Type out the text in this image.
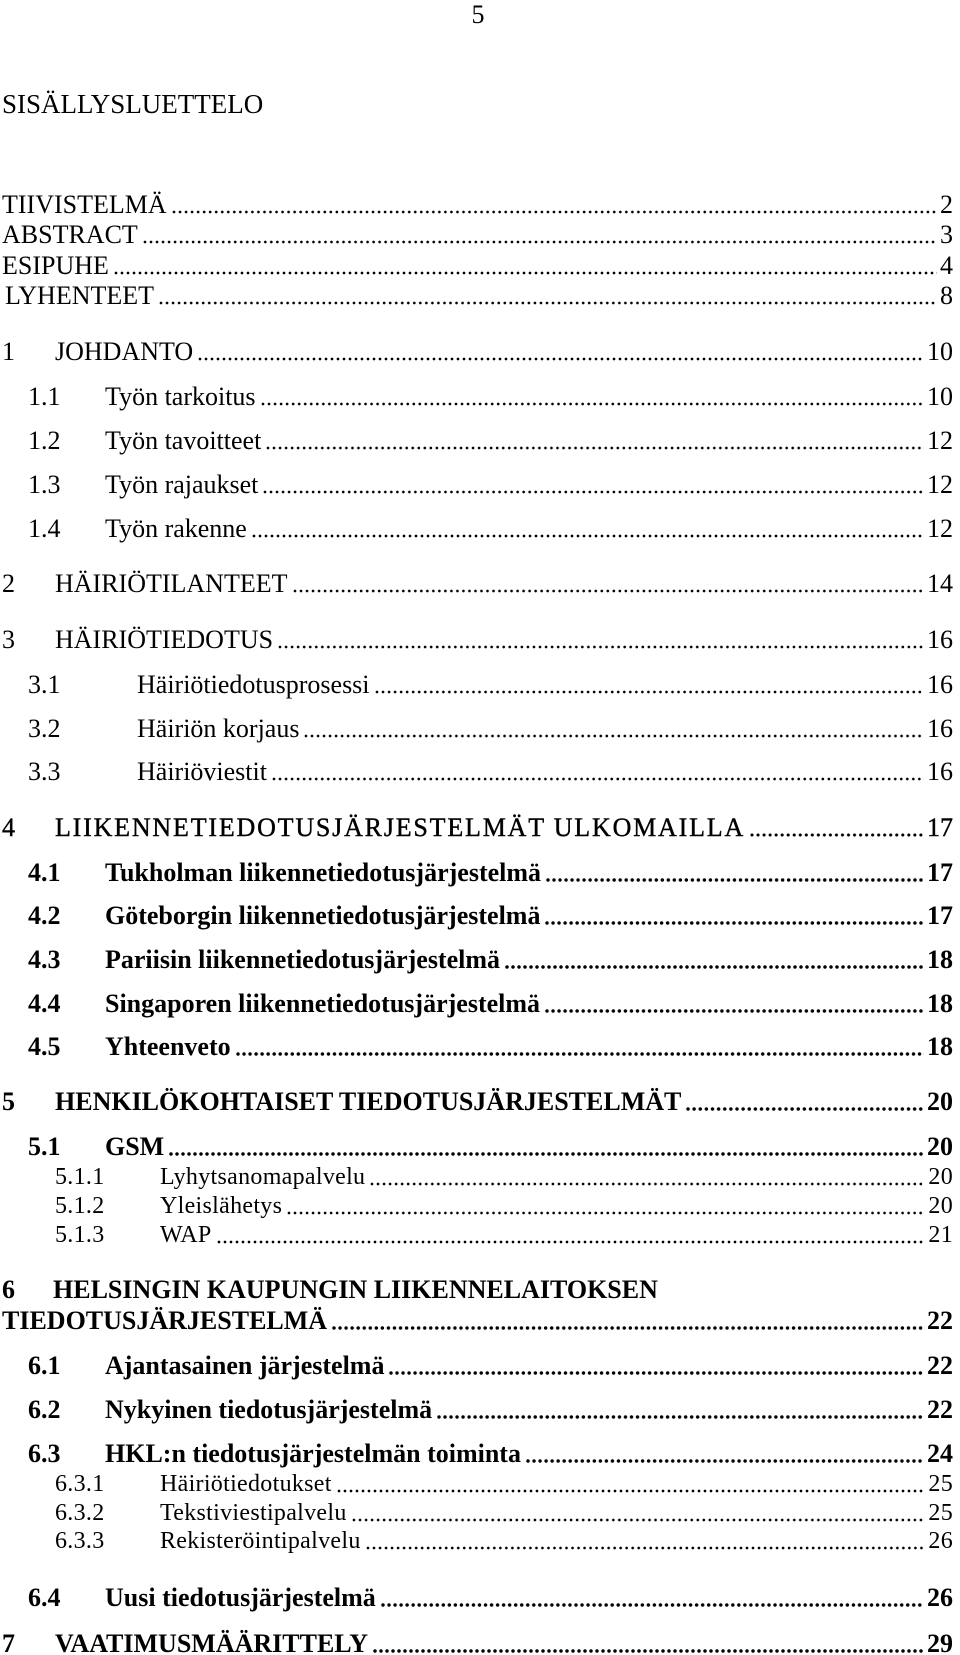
5
SISÄLLYSLUETTELO
TIIVISTELMÄ	2
ABSTRACT	3
ESIPUHE	4
LYHENTEET	8
1	JOHDANTO	10
1.1	Työn tarkoitus	10
1.2	Työn tavoitteet	12
1.3	Työn rajaukset	12
1.4	Työn rakenne	12
2	HÄIRIÖTILANTEET	14
3	HÄIRIÖTIEDOTUS	16
3.1	Häiriötiedotusprosessi	16
3.2	Häiriön korjaus	16
3.3	Häiriöviestit	16
4	LIIKENNETIEDOTUSJÄRJESTELMÄT ULKOMAILLA	17
4.1	Tukholman liikennetiedotusjärjestelmä	17
4.2	Göteborgin liikennetiedotusjärjestelmä	17
4.3	Pariisin liikennetiedotusjärjestelmä	18
4.4	Singaporen liikennetiedotusjärjestelmä	18
4.5	Yhteenveto	18
5	HENKILÖKOHTAISET TIEDOTUSJÄRJESTELMÄT	20
5.1	GSM	20
5.1.1	Lyhytsanomapalvelu	20
5.1.2	Yleislähetys	20
5.1.3	WAP	21
6	HELSINGIN KAUPUNGIN LIIKENNELAITOKSEN
TIEDOTUSJÄRJESTELMÄ	22
6.1	Ajantasainen järjestelmä	22
6.2	Nykyinen tiedotusjärjestelmä	22
6.3	HKL:n tiedotusjärjestelmän toiminta	24
6.3.1	Häiriötiedotukset	25
6.3.2	Tekstiviestipalvelu	25
6.3.3	Rekisteröintipalvelu	26
6.4	Uusi tiedotusjärjestelmä	26
7	VAATIMUSMÄÄRITTELY	29
